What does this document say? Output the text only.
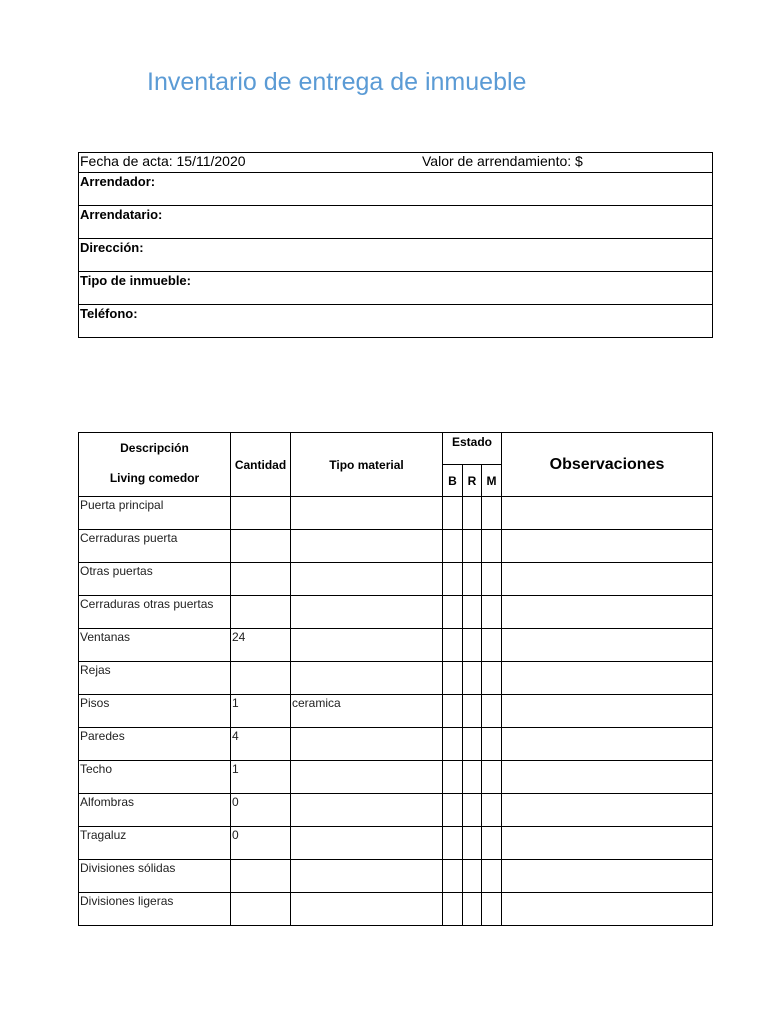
Inventario de entrega de inmueble
Fecha de acta: 15/11/2020	Valor de arrendamiento: $
Arrendador:
Arrendatario:
Dirección:
Tipo de inmueble:
Teléfono:
Descripción
Living comedor	Cantidad	Tipo material	Estado			Observaciones
			B	R	M	
Puerta principal						
Cerraduras puerta						
Otras puertas						
Cerraduras otras puertas						
Ventanas	24					
Rejas						
Pisos	1	ceramica				
Paredes	4					
Techo	1					
Alfombras	0					
Tragaluz	0					
Divisiones sólidas						
Divisiones ligeras						
